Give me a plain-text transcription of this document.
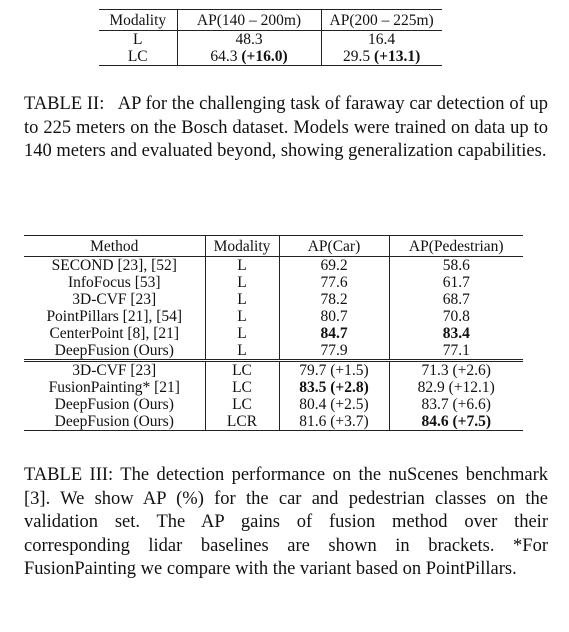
Modality	AP(140 – 200m)	AP(200 – 225m)
L	48.3	16.4
LC	64.3 (+16.0)	29.5 (+13.1)

TABLE II: AP for the challenging task of faraway car detection of up to 225 meters on the Bosch dataset. Models were trained on data up to 140 meters and evaluated beyond, showing generalization capabilities.

Method	Modality	AP(Car)	AP(Pedestrian)
SECOND [23], [52]	L	69.2	58.6
InfoFocus [53]	L	77.6	61.7
3D-CVF [23]	L	78.2	68.7
PointPillars [21], [54]	L	80.7	70.8
CenterPoint [8], [21]	L	84.7	83.4
DeepFusion (Ours)	L	77.9	77.1
3D-CVF [23]	LC	79.7 (+1.5)	71.3 (+2.6)
FusionPainting* [21]	LC	83.5 (+2.8)	82.9 (+12.1)
DeepFusion (Ours)	LC	80.4 (+2.5)	83.7 (+6.6)
DeepFusion (Ours)	LCR	81.6 (+3.7)	84.6 (+7.5)

TABLE III: The detection performance on the nuScenes benchmark [3]. We show AP (%) for the car and pedestrian classes on the validation set. The AP gains of fusion method over their corresponding lidar baselines are shown in brackets. *For FusionPainting we compare with the variant based on PointPillars.
